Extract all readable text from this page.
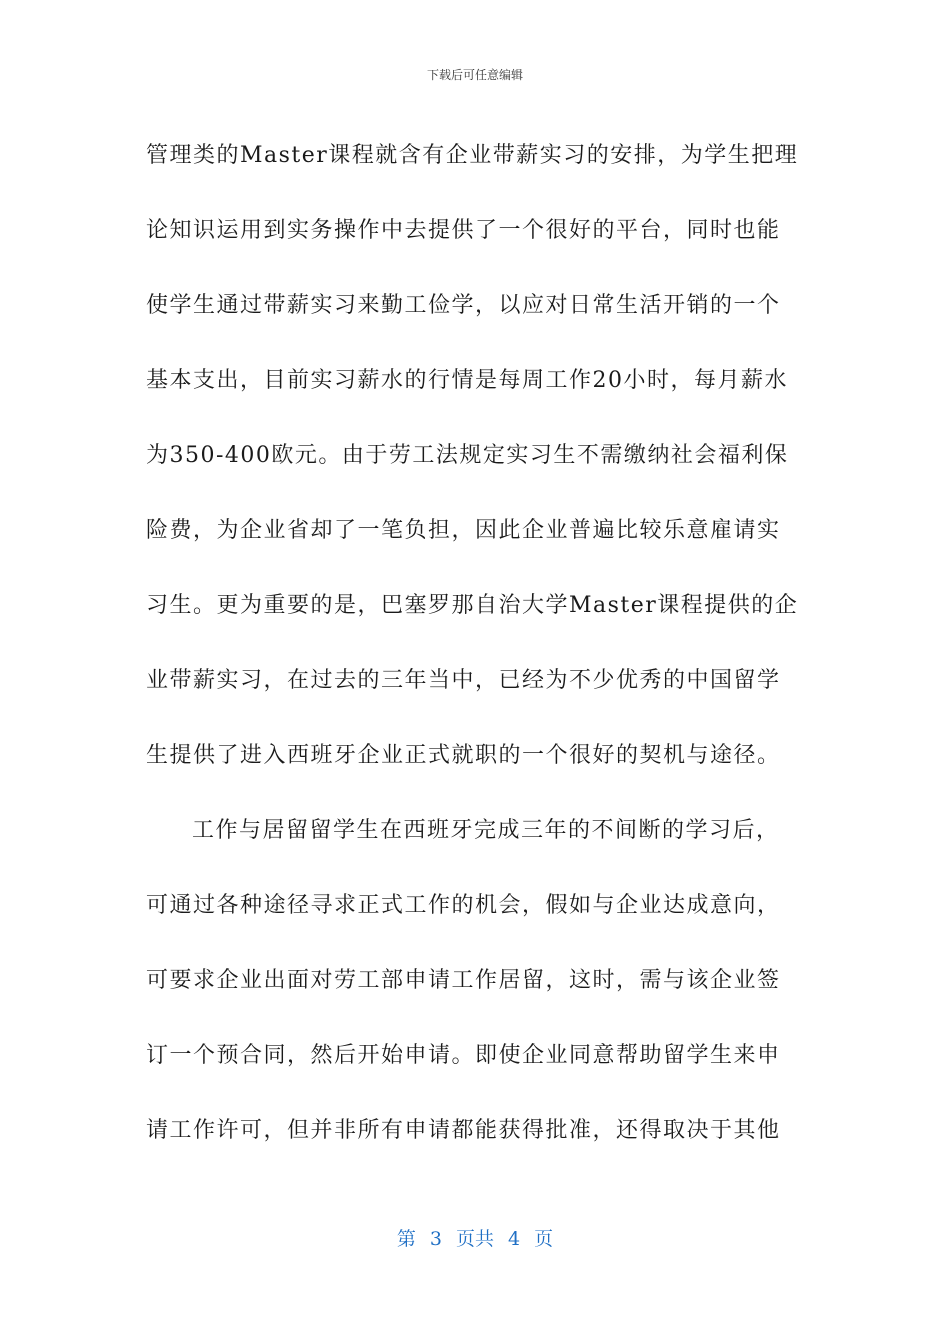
下载后可任意编辑
管理类的Master课程就含有企业带薪实习的安排，为学生把理
论知识运用到实务操作中去提供了一个很好的平台，同时也能
使学生通过带薪实习来勤工俭学，以应对日常生活开销的一个
基本支出，目前实习薪水的行情是每周工作20小时，每月薪水
为350-400欧元。由于劳工法规定实习生不需缴纳社会福利保
险费，为企业省却了一笔负担，因此企业普遍比较乐意雇请实
习生。更为重要的是，巴塞罗那自治大学Master课程提供的企
业带薪实习，在过去的三年当中，已经为不少优秀的中国留学
生提供了进入西班牙企业正式就职的一个很好的契机与途径。
工作与居留留学生在西班牙完成三年的不间断的学习后，
可通过各种途径寻求正式工作的机会，假如与企业达成意向，
可要求企业出面对劳工部申请工作居留，这时，需与该企业签
订一个预合同，然后开始申请。即使企业同意帮助留学生来申
请工作许可，但并非所有申请都能获得批准，还得取决于其他
第 3 页共 4 页
